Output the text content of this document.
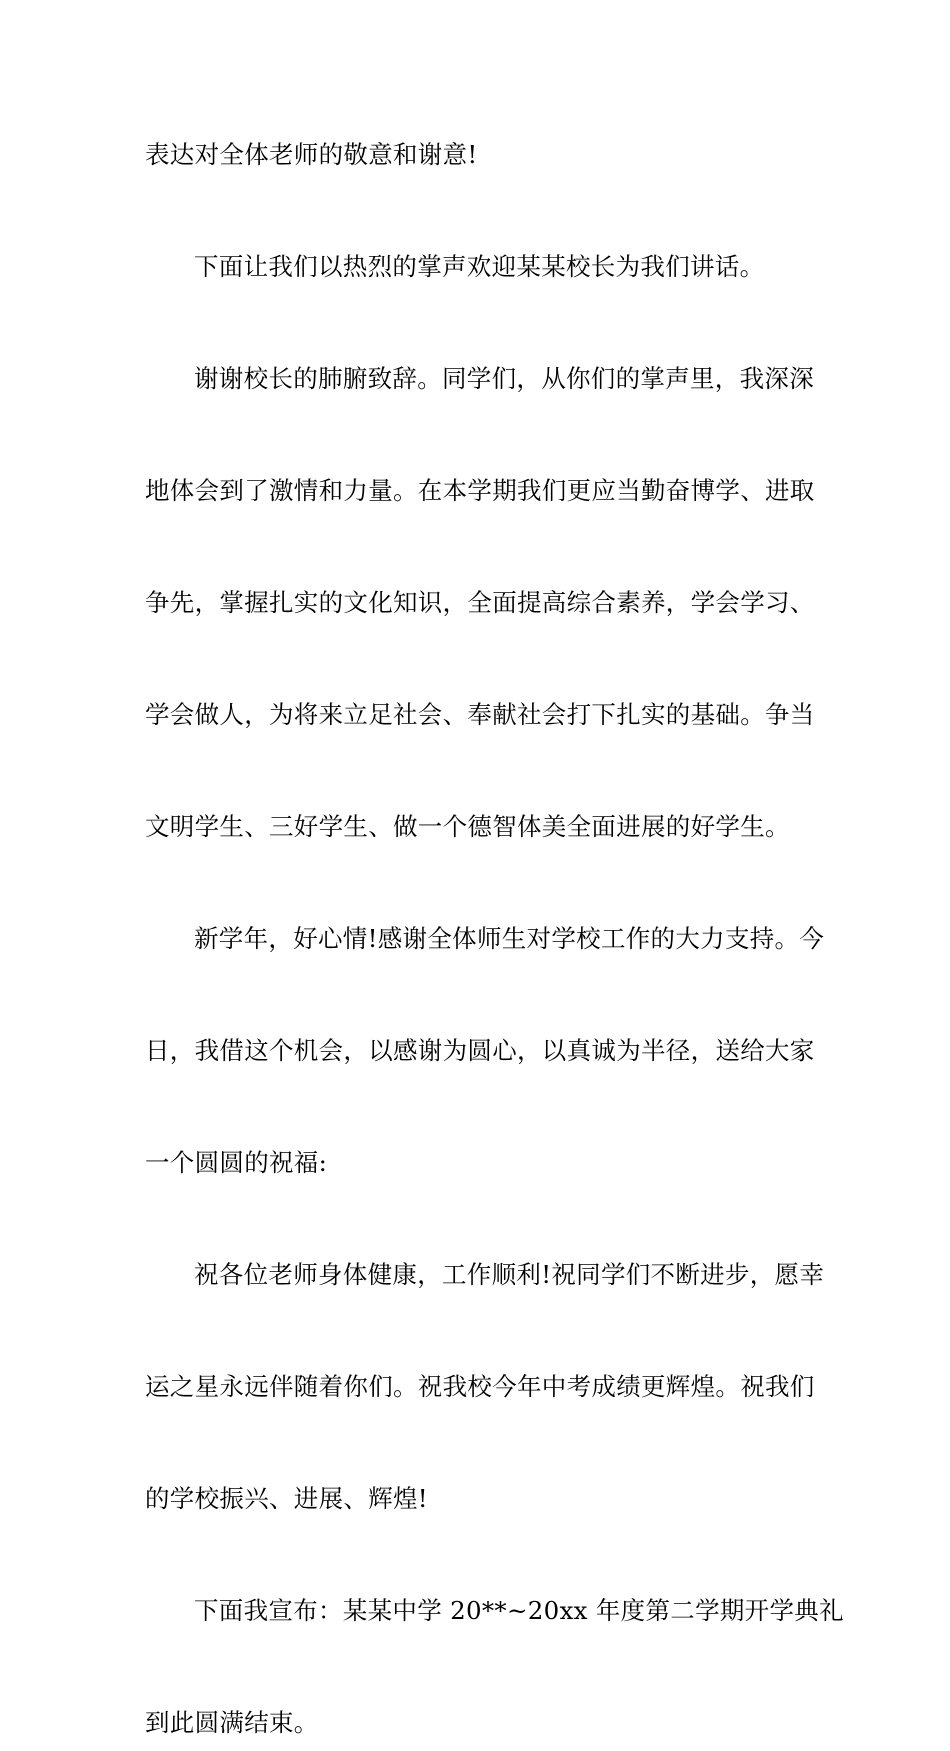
表达对全体老师的敬意和谢意!

下面让我们以热烈的掌声欢迎某某校长为我们讲话。

谢谢校长的肺腑致辞。同学们，从你们的掌声里，我深深
地体会到了激情和力量。在本学期我们更应当勤奋博学、进取
争先，掌握扎实的文化知识，全面提高综合素养，学会学习、
学会做人，为将来立足社会、奉献社会打下扎实的基础。争当
文明学生、三好学生、做一个德智体美全面进展的好学生。

新学年，好心情!感谢全体师生对学校工作的大力支持。今
日，我借这个机会，以感谢为圆心，以真诚为半径，送给大家
一个圆圆的祝福:

祝各位老师身体健康，工作顺利!祝同学们不断进步，愿幸
运之星永远伴随着你们。祝我校今年中考成绩更辉煌。祝我们
的学校振兴、进展、辉煌!

下面我宣布：某某中学 20**~20xx 年度第二学期开学典礼
到此圆满结束。
